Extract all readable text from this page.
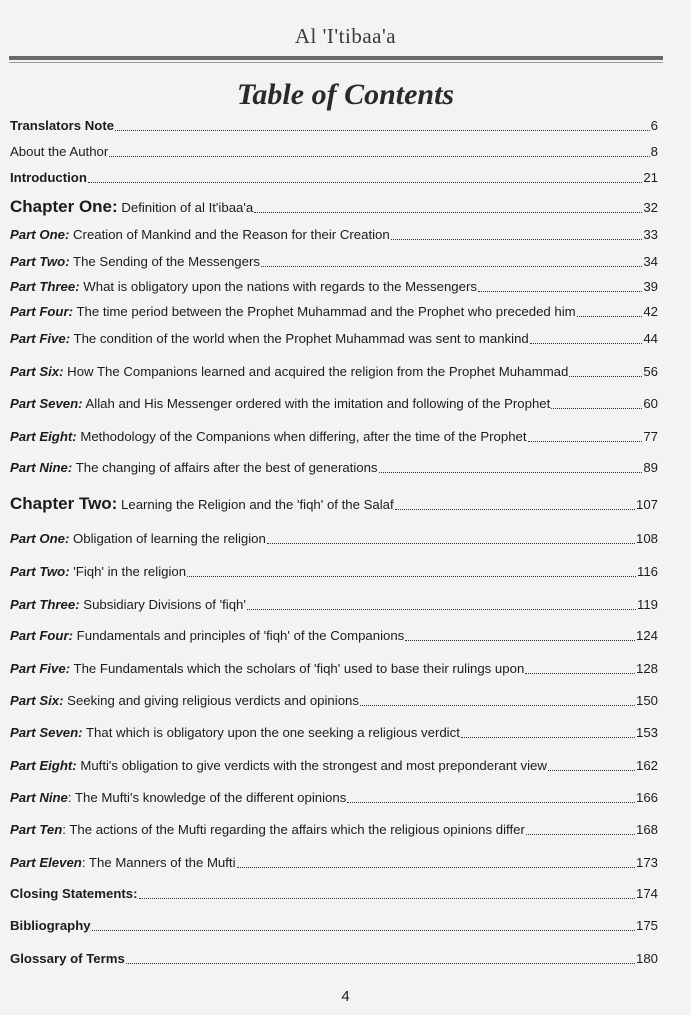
Al 'I'tibaa'a
Table of Contents
Translators Note	6
About the Author	8
Introduction	21
Chapter One: Definition of al It'ibaa'a	32
Part One: Creation of Mankind and the Reason for their Creation	33
Part Two: The Sending of the Messengers	34
Part Three: What is obligatory upon the nations with regards to the Messengers	39
Part Four: The time period between the Prophet Muhammad and the Prophet who preceded him	42
Part Five: The condition of the world when the Prophet Muhammad was sent to mankind	44
Part Six: How The Companions learned and acquired the religion from the Prophet Muhammad	56
Part Seven: Allah and His Messenger ordered with the imitation and following of the Prophet	60
Part Eight: Methodology of the Companions when differing, after the time of the Prophet	77
Part Nine: The changing of affairs after the best of generations	89
Chapter Two: Learning the Religion and the 'fiqh' of the Salaf	107
Part One: Obligation of learning the religion	108
Part Two: 'Fiqh' in the religion	116
Part Three: Subsidiary Divisions of 'fiqh'	119
Part Four: Fundamentals and principles of 'fiqh' of the Companions	124
Part Five: The Fundamentals which the scholars of 'fiqh' used to base their rulings upon	128
Part Six: Seeking and giving religious verdicts and opinions	150
Part Seven: That which is obligatory upon the one seeking a religious verdict	153
Part Eight: Mufti's obligation to give verdicts with the strongest and most preponderant view	162
Part Nine: The Mufti's knowledge of the different opinions	166
Part Ten: The actions of the Mufti regarding the affairs which the religious opinions differ	168
Part Eleven: The Manners of the Mufti	173
Closing Statements:	174
Bibliography	175
Glossary of Terms	180
4
